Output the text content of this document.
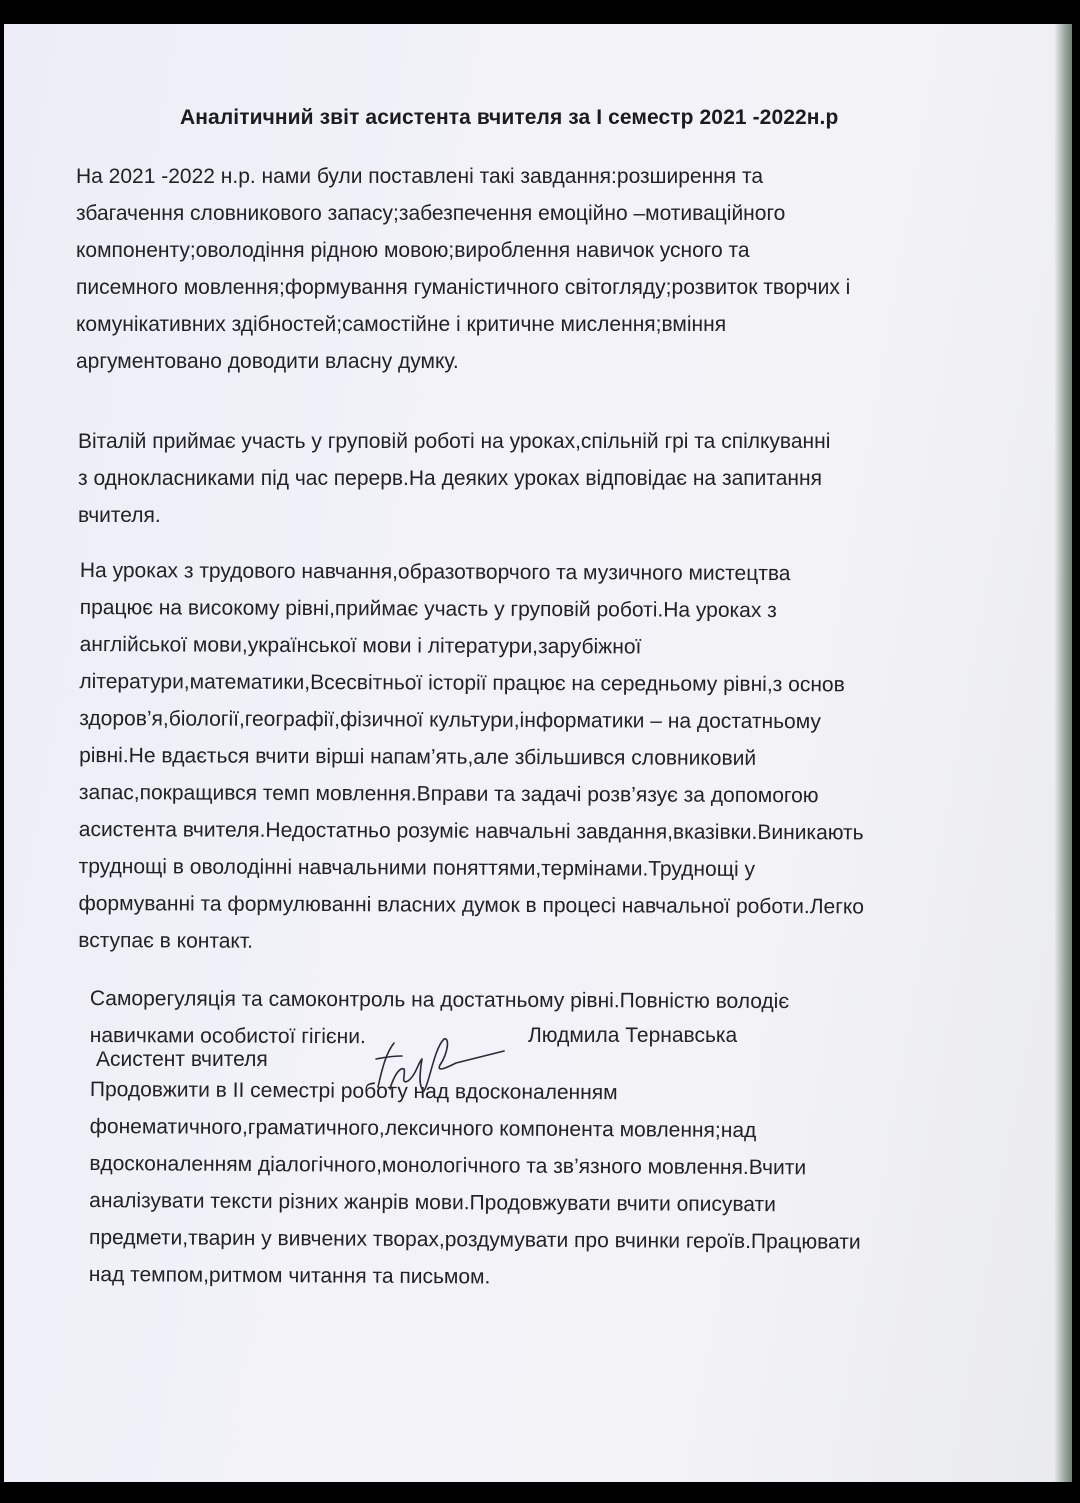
Аналітичний звіт асистента вчителя за І семестр 2021 -2022н.р
На 2021 -2022 н.р. нами були поставлені такі завдання:розширення та
збагачення словникового запасу;забезпечення емоційно –мотиваційного
компоненту;оволодіння рідною мовою;вироблення навичок усного та
писемного мовлення;формування гуманістичного світогляду;розвиток творчих і
комунікативних здібностей;самостійне і критичне мислення;вміння
аргументовано доводити власну думку.
Віталій приймає участь у груповій роботі на уроках,спільній грі та спілкуванні
з однокласниками під час перерв.На деяких уроках відповідає на запитання
вчителя.
На уроках з трудового навчання,образотворчого та музичного мистецтва
працює на високому рівні,приймає участь у груповій роботі.На уроках з
англійської мови,української мови і літератури,зарубіжної
літератури,математики,Всесвітньої історії працює на середньому рівні,з основ
здоров’я,біології,географії,фізичної культури,інформатики – на достатньому
рівні.Не вдається вчити вірші напам’ять,але збільшився словниковий
запас,покращився темп мовлення.Вправи та задачі розв’язує за допомогою
асистента вчителя.Недостатньо розуміє навчальні завдання,вказівки.Виникають
труднощі в оволодінні навчальними поняттями,термінами.Труднощі у
формуванні та формулюванні власних думок в процесі навчальної роботи.Легко
вступає в контакт.
Саморегуляція та самоконтроль на достатньому рівні.Повністю володіє
навичками особистої гігієни.
Продовжити в ІІ семестрі роботу над вдосконаленням
фонематичного,граматичного,лексичного компонента мовлення;над
вдосконаленням діалогічного,монологічного та зв’язного мовлення.Вчити
аналізувати тексти різних жанрів мови.Продовжувати вчити описувати
предмети,тварин у вивчених творах,роздумувати про вчинки героїв.Працювати
над темпом,ритмом читання та письмом.
Асистент вчителя
Людмила Тернавська
